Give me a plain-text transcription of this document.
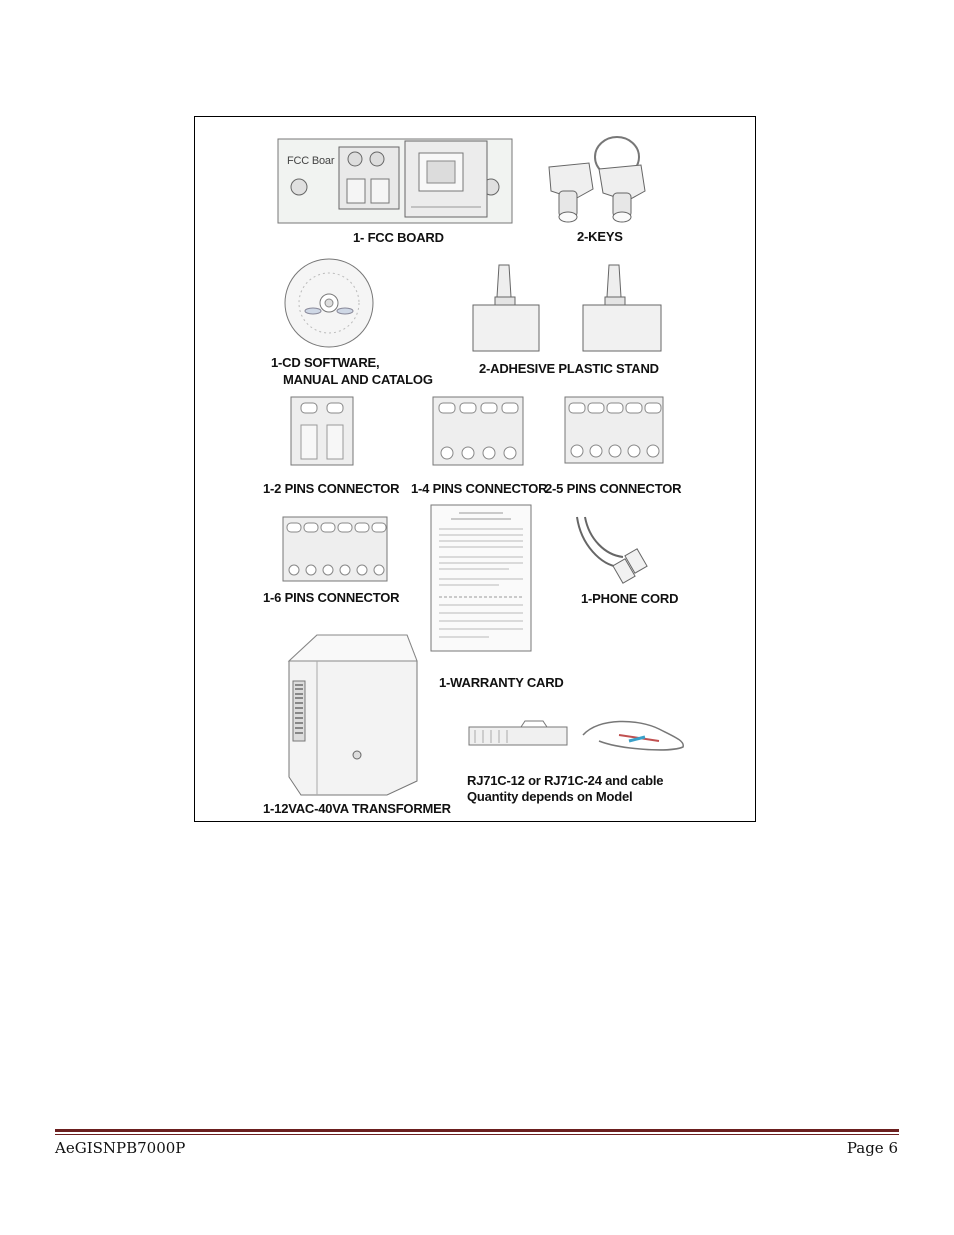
FCC Boar
1- FCC BOARD	2-KEYS
1-CD SOFTWARE,
MANUAL AND CATALOG
2-ADHESIVE PLASTIC STAND
1-2 PINS CONNECTOR 1-4 PINS CONNECTOR
2-5 PINS CONNECTOR
1-6 PINS CONNECTOR
1-WARRANTY CARD
1-PHONE CORD
1-12VAC-40VA TRANSFORMER
RJ71C-12 or RJ71C-24 and cable
Quantity depends on Model
AeGISNPB7000P	Page 6
